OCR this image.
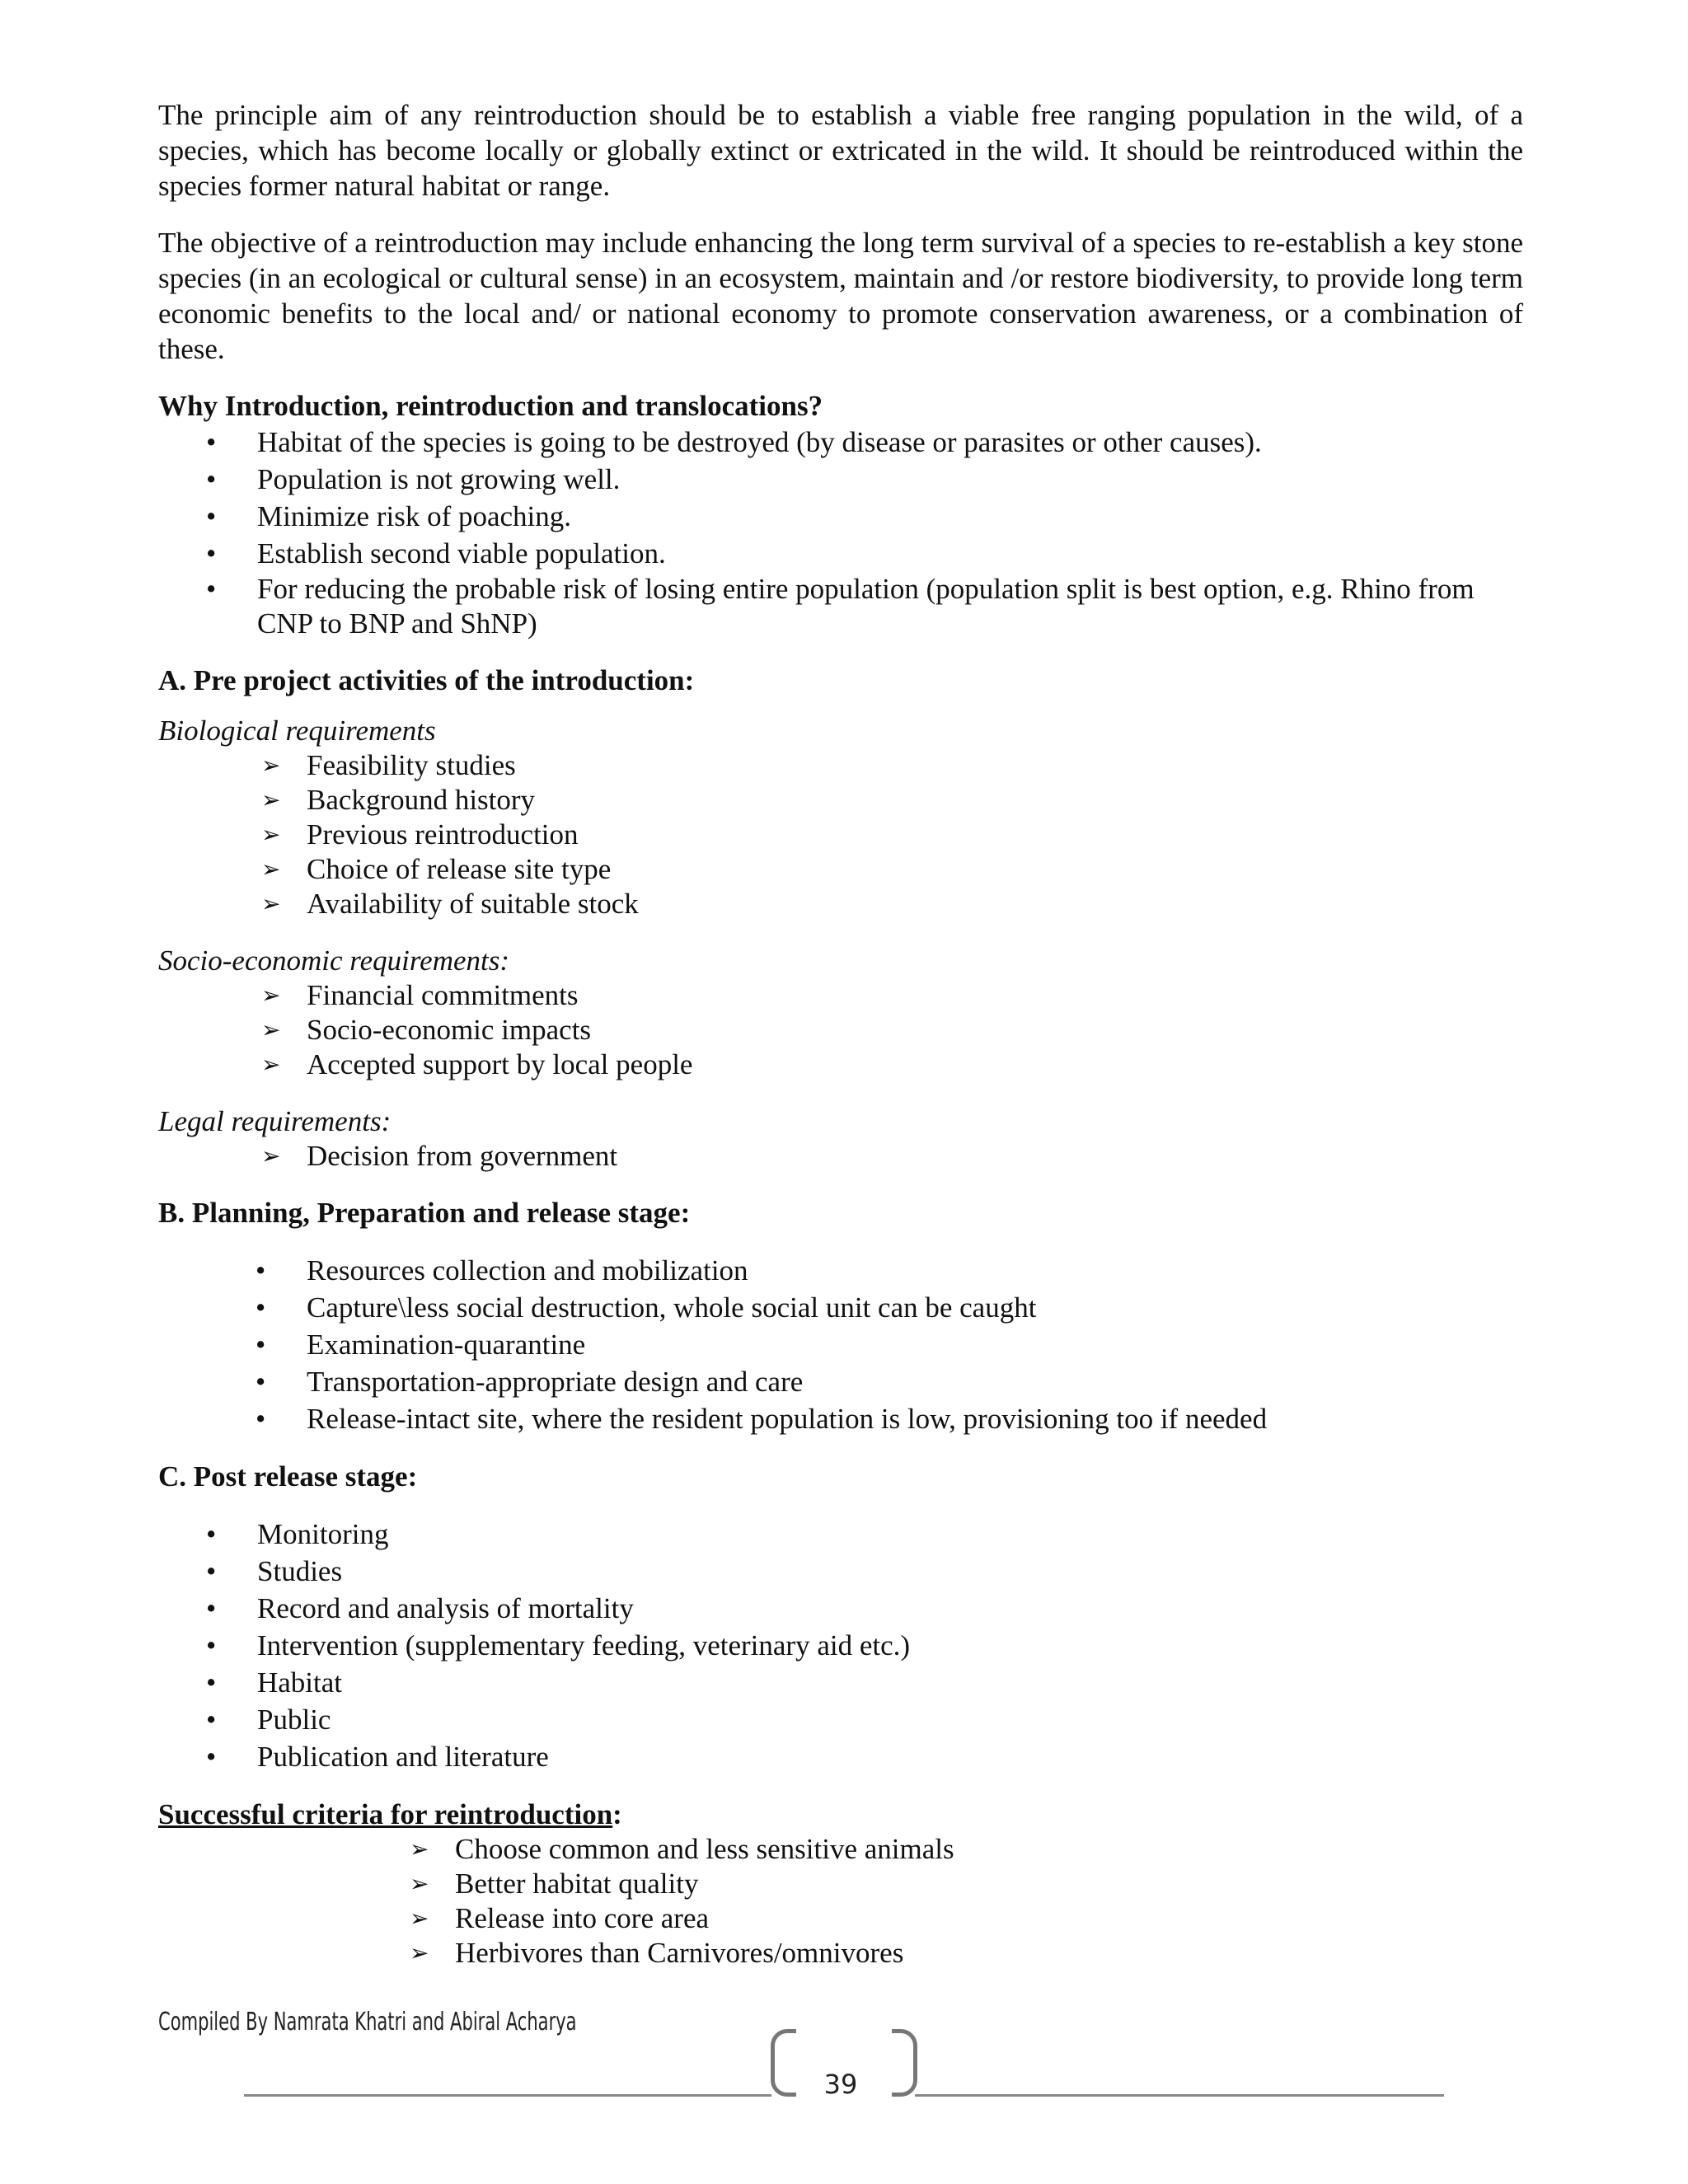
The principle aim of any reintroduction should be to establish a viable free ranging population in the wild, of a species, which has become locally or globally extinct or extricated in the wild. It should be reintroduced within the species former natural habitat or range.

The objective of a reintroduction may include enhancing the long term survival of a species to re-establish a key stone species (in an ecological or cultural sense) in an ecosystem, maintain and /or restore biodiversity, to provide long term economic benefits to the local and/ or national economy to promote conservation awareness, or a combination of these.

Why Introduction, reintroduction and translocations?
• Habitat of the species is going to be destroyed (by disease or parasites or other causes).
• Population is not growing well.
• Minimize risk of poaching.
• Establish second viable population.
• For reducing the probable risk of losing entire population (population split is best option, e.g. Rhino from CNP to BNP and ShNP)
A. Pre project activities of the introduction:

Biological requirements

➢ Feasibility studies
➢ Background history
➢ Previous reintroduction
➢ Choice of release site type
➢ Availability of suitable stock

Socio-economic requirements:

➢ Financial commitments
➢ Socio-economic impacts
➢ Accepted support by local people

Legal requirements:

➢ Decision from government
B. Planning, Preparation and release stage:
• Resources collection and mobilization
• Capture\less social destruction, whole social unit can be caught
• Examination-quarantine
• Transportation-appropriate design and care
• Release-intact site, where the resident population is low, provisioning too if needed
C. Post release stage:
• Monitoring
• Studies
• Record and analysis of mortality
• Intervention (supplementary feeding, veterinary aid etc.)
• Habitat
• Public
• Publication and literature
Successful criteria for reintroduction:
➢ Choose common and less sensitive animals
➢ Better habitat quality
➢ Release into core area
➢ Herbivores than Carnivores/omnivores
Compiled By Namrata Khatri and Abiral Acharya
39
